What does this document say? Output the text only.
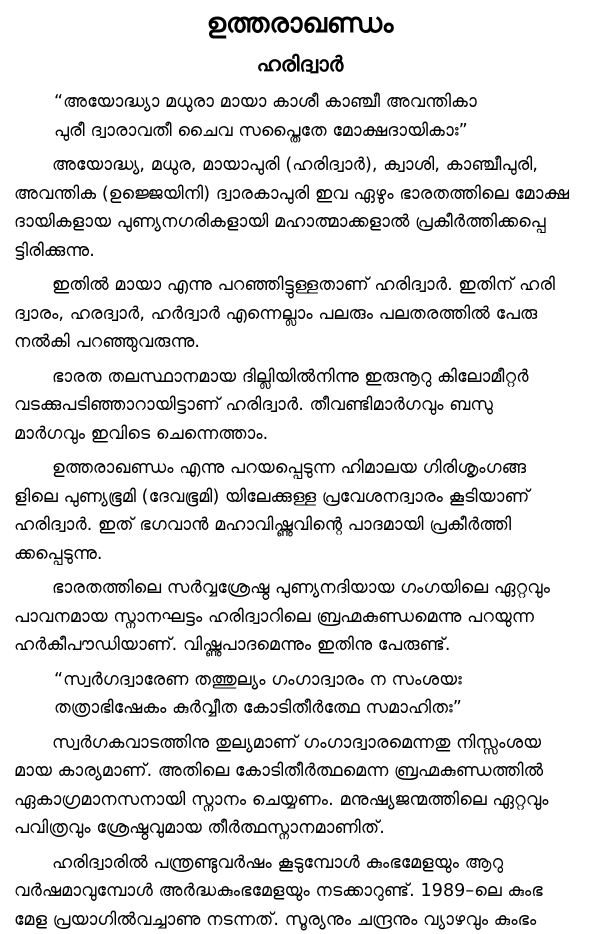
ഉത്തരാഖണ്ഡം
ഹരിദ്വാർ
“അയോദ്ധ്യാ മധുരാ മായാ കാശീ കാഞ്ചീ അവന്തികാ
പുരീ ദ്വാരാവതീ ചൈവ സപ്തൈതേ മോക്ഷദായികാഃ”
അയോദ്ധ്യ, മധുര, മായാപുരി (ഹരിദ്വാർ), ക്വാശി, കാഞ്ചീപുരി,
അവന്തിക (ഉജ്ജെയിനി) ദ്വാരകാപുരി ഇവ ഏഴും ഭാരതത്തിലെ മോക്ഷ
ദായികളായ പുണ്യനഗരികളായി മഹാത്മാക്കളാൽ പ്രകീർത്തിക്കപ്പെ
ട്ടിരിക്കുന്നു.
ഇതിൽ മായാ എന്നു പറഞ്ഞിട്ടുള്ളതാണ് ഹരിദ്വാർ. ഇതിന് ഹരി
ദ്വാരം, ഹരദ്വാർ, ഹർദ്വാർ എന്നെല്ലാം പലരും പലതരത്തിൽ പേരു
നൽകി പറഞ്ഞുവരുന്നു.
ഭാരത തലസ്ഥാനമായ ദില്ലിയിൽനിന്നു ഇരുനൂറു കിലോമീറ്റർ
വടക്കുപടിഞ്ഞാറായിട്ടാണ് ഹരിദ്വാർ. തീവണ്ടിമാർഗവും ബസു
മാർഗവും ഇവിടെ ചെന്നെത്താം.
ഉത്തരാഖണ്ഡം എന്നു പറയപ്പെടുന്ന ഹിമാലയ ഗിരിശൃംഗങ്ങ
ളിലെ പുണ്യഭൂമി (ദേവഭൂമി) യിലേക്കുള്ള പ്രവേശനദ്വാരം കൂടിയാണ്
ഹരിദ്വാർ. ഇത് ഭഗവാൻ മഹാവിഷ്ണുവിന്റെ പാദമായി പ്രകീർത്തി
ക്കപ്പെടുന്നു.
ഭാരതത്തിലെ സർവ്വശ്രേഷ്ഠ പുണ്യനദിയായ ഗംഗയിലെ ഏറ്റവും
പാവനമായ സ്നാനഘട്ടം ഹരിദ്വാറിലെ ബ്രഹ്മകുണ്ഡമെന്നു പറയുന്ന
ഹർകീപൗഡിയാണ്. വിഷ്ണുപാദമെന്നും ഇതിനു പേരുണ്ട്.
“സ്വർഗദ്വാരേണ തത്തുല്യം ഗംഗാദ്വാരം ന സംശയഃ
തത്രാഭിഷേകം കുർവ്വീത കോടിതീർത്ഥേ സമാഹിതഃ”
സ്വർഗകവാടത്തിനു തുല്യമാണ് ഗംഗാദ്വാരമെന്നതു നിസ്സംശയ
മായ കാര്യമാണ്. അതിലെ കോടിതീർത്ഥമെന്ന ബ്രഹ്മകുണ്ഡത്തിൽ
ഏകാഗ്രമാനസനായി സ്നാനം ചെയ്യണം. മനുഷ്യജന്മത്തിലെ ഏറ്റവും
പവിത്രവും ശ്രേഷ്ഠവുമായ തീർത്ഥസ്നാനമാണിത്.
ഹരിദ്വാരിൽ പന്ത്രണ്ടുവർഷം കൂടുമ്പോൾ കുംഭമേളയും ആറു
വർഷമാവുമ്പോൾ അർദ്ധകുംഭമേളയും നടക്കാറുണ്ട്. 1989–ലെ കുംഭ
മേള പ്രയാഗിൽവച്ചാണു നടന്നത്. സൂര്യനും ചന്ദ്രനും വ്യാഴവും കുംഭം
